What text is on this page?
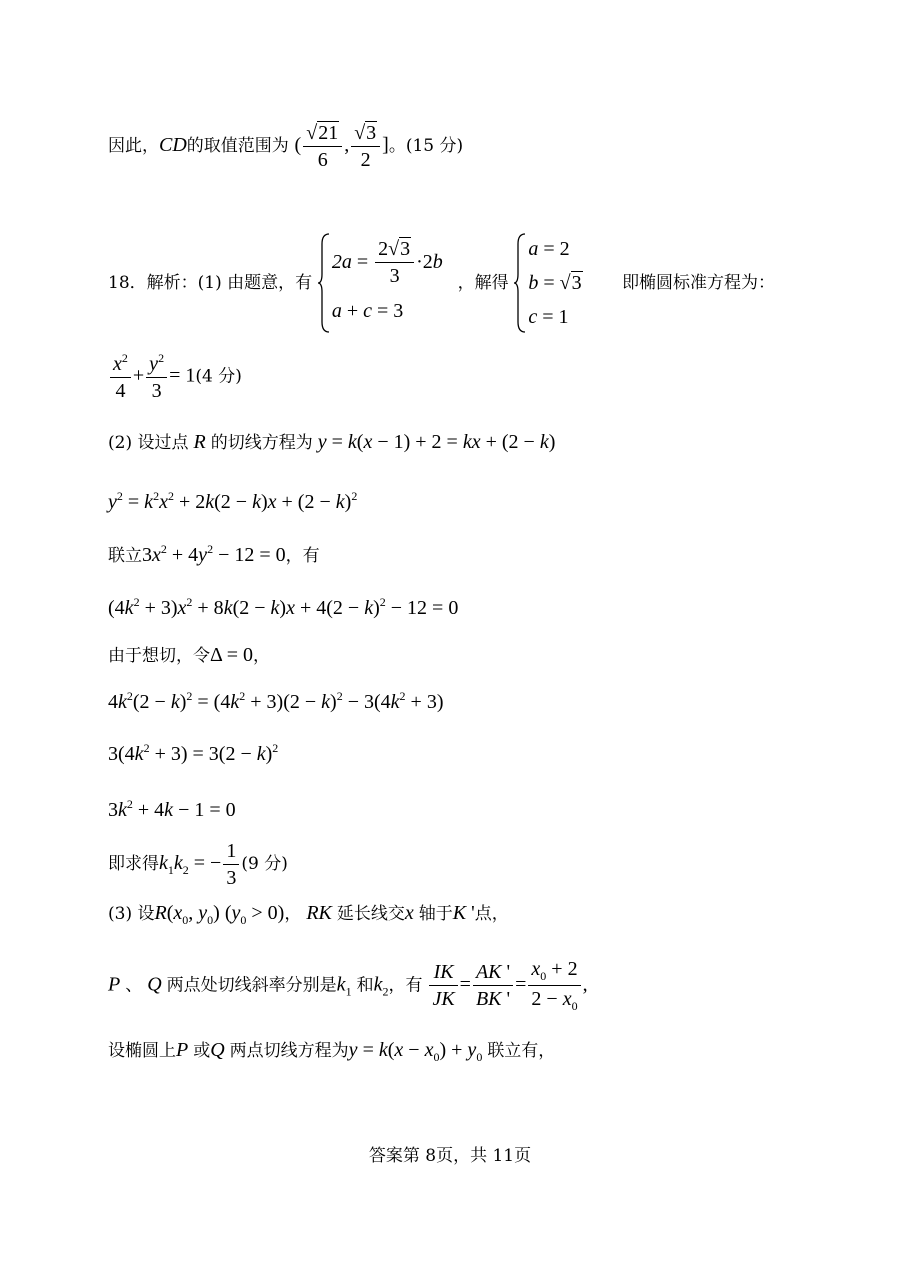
因此，CD的取值范围为 ( $\frac{√21}{6}$ , $\frac{√3}{2}$ ]。(15 分)
18．解析：(1) 由题意，有
$2a = \frac{2√3}{3} \cdot 2$ b
a + c = 3
，解得
a = 2
b = √3
c = 1
即椭圆标准方程为：
$\frac{x^2}{4} + \frac{y^2}{3} = 1(4$ 分)
(2) 设过点 R 的切线方程为 y = k(x − 1) + 2 = kx + (2 − k)
$y^2 = k^2x^2 + 2k(2 - k)x + (2 - k)^2$
联立$3x^2 + 4y^2 - 12 = 0$，有
$(4k^2 + 3)x^2 + 8k(2 - k)x + 4(2 - k)^2 - 12 = 0$
由于想切，令Δ = 0，
$4k^2(2 - k)^2 = (4k^2 + 3)(2 - k)^2 - 3(4k^2 + 3)$
$3(4k^2 + 3) = 3(2 - k)^2$
$3k^2 + 4k - 1 = 0$
即求得$k_1k_2$ = − $\frac{1}{3} (9$ 分)
(3) 设$R(x_0$, $y_0$) $(y_0 > 0)$， RK 延长线交x 轴于K '点，
P 、 Q 两点处切线斜率分别是$k_1$ 和$k_2$，有 $\frac{IK}{JK} = \frac{AK '}{BK '} = \frac{x_0 + 2}{2 - x_0}$ ,
设椭圆上P 或Q 两点切线方程为$y = k(x - x_0) + y_0$ 联立有，
答案第 8页，共 11页
